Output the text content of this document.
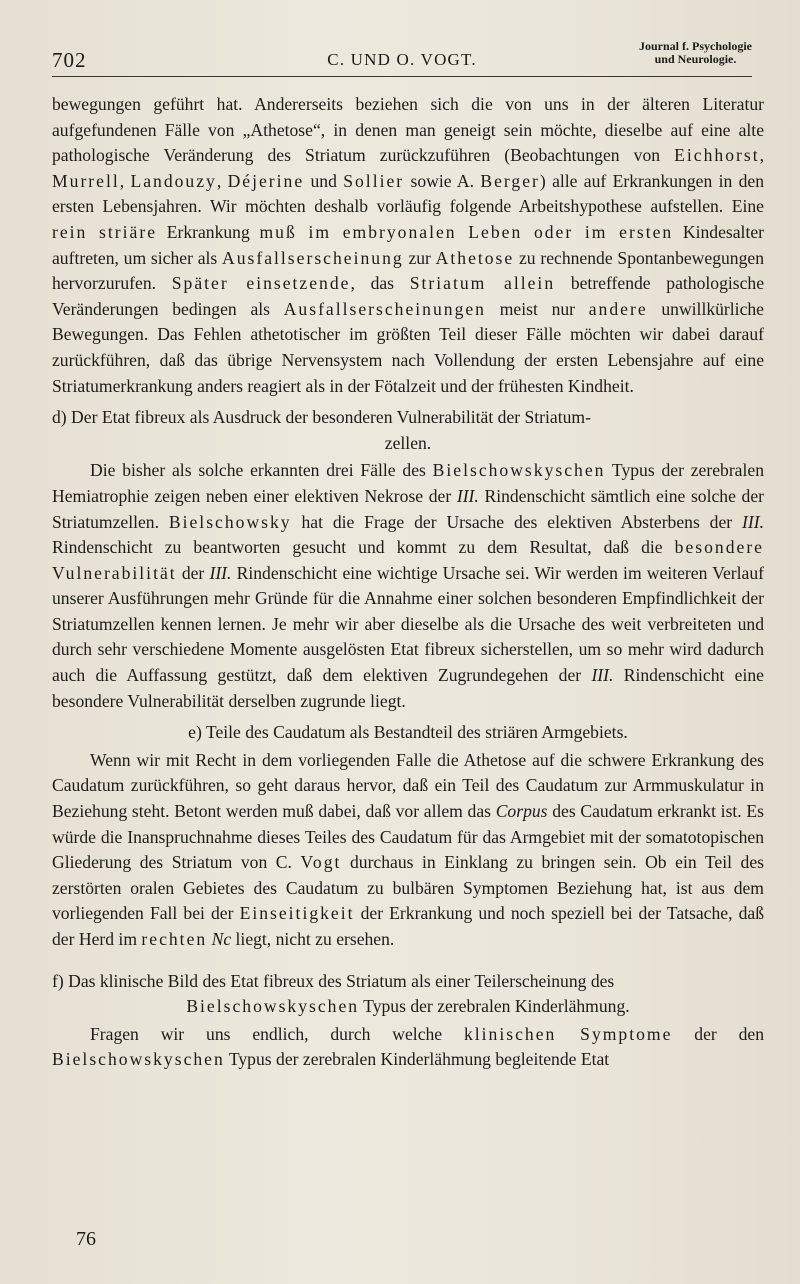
702	C. UND O. VOGT.
Journal f. Psychologie
und Neurologie.

bewegungen geführt hat. Andererseits beziehen sich die von uns in der älteren Literatur aufgefundenen Fälle von „Athetose“, in denen man geneigt sein möchte, dieselbe auf eine alte pathologische Veränderung des Striatum zurückzuführen (Beobachtungen von Eichhorst, Murrell, Landouzy, Déjerine und Sollier sowie A. Berger) alle auf Erkrankungen in den ersten Lebensjahren. Wir möchten deshalb vorläufig folgende Arbeitshypothese aufstellen. Eine rein striäre Erkrankung muß im embryonalen Leben oder im ersten Kindesalter auftreten, um sicher als Ausfallserscheinung zur Athetose zu rechnende Spontanbewegungen hervorzurufen. Später einsetzende, das Striatum allein betreffende pathologische Veränderungen bedingen als Ausfallserscheinungen meist nur andere unwillkürliche Bewegungen. Das Fehlen athetotischer im größten Teil dieser Fälle möchten wir dabei darauf zurückführen, daß das übrige Nervensystem nach Vollendung der ersten Lebensjahre auf eine Striatumerkrankung anders reagiert als in der Fötalzeit und der frühesten Kindheit.

d) Der Etat fibreux als Ausdruck der besonderen Vulnerabilität der Striatum-
zellen.

Die bisher als solche erkannten drei Fälle des Bielschowskyschen Typus der zerebralen Hemiatrophie zeigen neben einer elektiven Nekrose der III. Rindenschicht sämtlich eine solche der Striatumzellen. Bielschowsky hat die Frage der Ursache des elektiven Absterbens der III. Rindenschicht zu beantworten gesucht und kommt zu dem Resultat, daß die besondere Vulnerabilität der III. Rindenschicht eine wichtige Ursache sei. Wir werden im weiteren Verlauf unserer Ausführungen mehr Gründe für die Annahme einer solchen besonderen Empfindlichkeit der Striatumzellen kennen lernen. Je mehr wir aber dieselbe als die Ursache des weit verbreiteten und durch sehr verschiedene Momente ausgelösten Etat fibreux sicherstellen, um so mehr wird dadurch auch die Auffassung gestützt, daß dem elektiven Zugrundegehen der III. Rindenschicht eine besondere Vulnerabilität derselben zugrunde liegt.

e) Teile des Caudatum als Bestandteil des striären Armgebiets.

Wenn wir mit Recht in dem vorliegenden Falle die Athetose auf die schwere Erkrankung des Caudatum zurückführen, so geht daraus hervor, daß ein Teil des Caudatum zur Armmuskulatur in Beziehung steht. Betont werden muß dabei, daß vor allem das Corpus des Caudatum erkrankt ist. Es würde die Inanspruchnahme dieses Teiles des Caudatum für das Armgebiet mit der somatotopischen Gliederung des Striatum von C. Vogt durchaus in Einklang zu bringen sein. Ob ein Teil des zerstörten oralen Gebietes des Caudatum zu bulbären Symptomen Beziehung hat, ist aus dem vorliegenden Fall bei der Einseitigkeit der Erkrankung und noch speziell bei der Tatsache, daß der Herd im rechten Nc liegt, nicht zu ersehen.

f) Das klinische Bild des Etat fibreux des Striatum als einer Teilerscheinung des
Bielschowskyschen Typus der zerebralen Kinderlähmung.

Fragen wir uns endlich, durch welche klinischen Symptome der den Bielschowskyschen Typus der zerebralen Kinderlähmung begleitende Etat

76
